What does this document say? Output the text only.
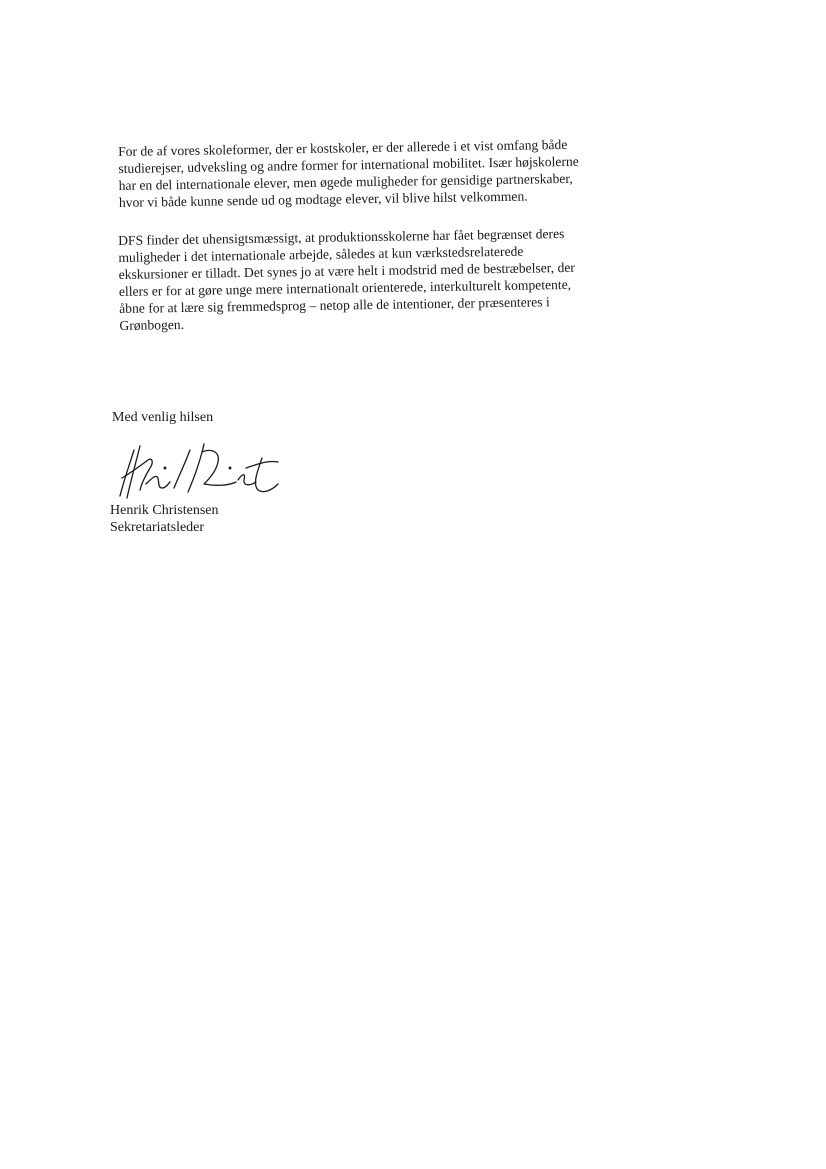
For de af vores skoleformer, der er kostskoler, er der allerede i et vist omfang både
studierejser, udveksling og andre former for international mobilitet. Især højskolerne
har en del internationale elever, men øgede muligheder for gensidige partnerskaber,
hvor vi både kunne sende ud og modtage elever, vil blive hilst velkommen.
DFS finder det uhensigtsmæssigt, at produktionsskolerne har fået begrænset deres
muligheder i det internationale arbejde, således at kun værkstedsrelaterede
ekskursioner er tilladt. Det synes jo at være helt i modstrid med de bestræbelser, der
ellers er for at gøre unge mere internationalt orienterede, interkulturelt kompetente,
åbne for at lære sig fremmedsprog – netop alle de intentioner, der præsenteres i
Grønbogen.
Med venlig hilsen
Henrik Christensen
Sekretariatsleder
